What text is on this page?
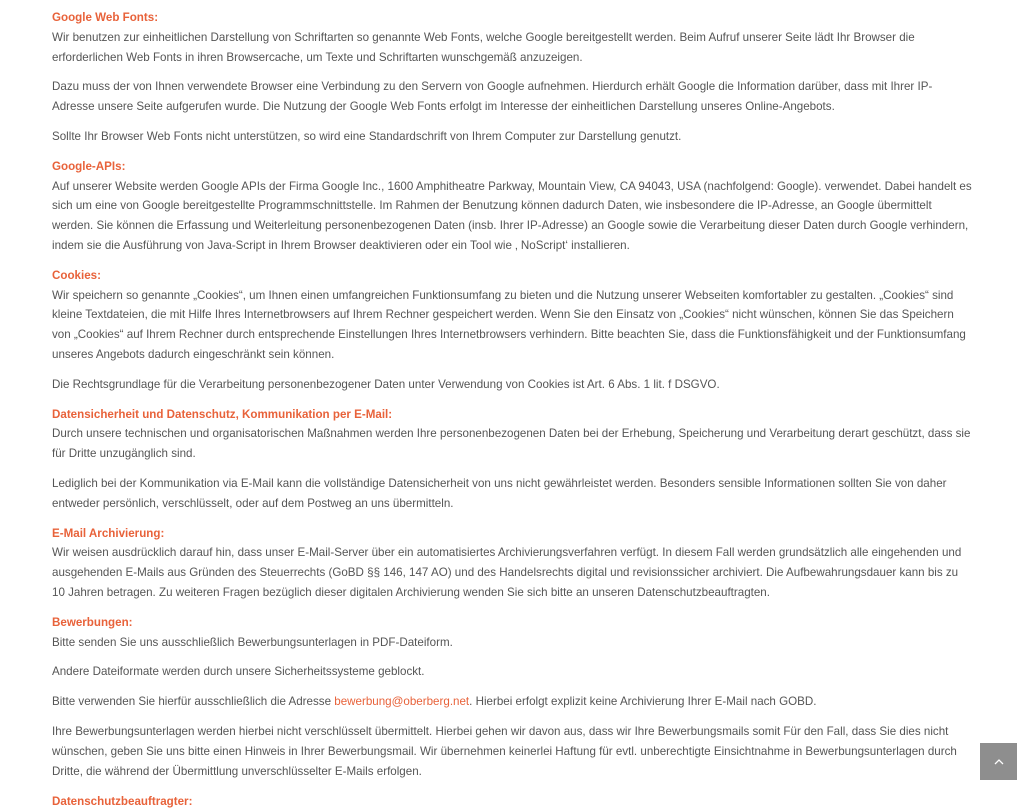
Google Web Fonts:

Wir benutzen zur einheitlichen Darstellung von Schriftarten so genannte Web Fonts, welche Google bereitgestellt werden. Beim Aufruf unserer Seite lädt Ihr Browser die erforderlichen Web Fonts in ihren Browsercache, um Texte und Schriftarten wunschgemäß anzuzeigen.

Dazu muss der von Ihnen verwendete Browser eine Verbindung zu den Servern von Google aufnehmen. Hierdurch erhält Google die Information darüber, dass mit Ihrer IP-Adresse unsere Seite aufgerufen wurde. Die Nutzung der Google Web Fonts erfolgt im Interesse der einheitlichen Darstellung unseres Online-Angebots.

Sollte Ihr Browser Web Fonts nicht unterstützen, so wird eine Standardschrift von Ihrem Computer zur Darstellung genutzt.

Google-APIs:

Auf unserer Website werden Google APIs der Firma Google Inc., 1600 Amphitheatre Parkway, Mountain View, CA 94043, USA (nachfolgend: Google). verwendet. Dabei handelt es sich um eine von Google bereitgestellte Programmschnittstelle. Im Rahmen der Benutzung können dadurch Daten, wie insbesondere die IP-Adresse, an Google übermittelt werden. Sie können die Erfassung und Weiterleitung personenbezogenen Daten (insb. Ihrer IP-Adresse) an Google sowie die Verarbeitung dieser Daten durch Google verhindern, indem sie die Ausführung von Java-Script in Ihrem Browser deaktivieren oder ein Tool wie ‚ NoScript‘ installieren.

Cookies:

Wir speichern so genannte „Cookies“, um Ihnen einen umfangreichen Funktionsumfang zu bieten und die Nutzung unserer Webseiten komfortabler zu gestalten. „Cookies“ sind kleine Textdateien, die mit Hilfe Ihres Internetbrowsers auf Ihrem Rechner gespeichert werden. Wenn Sie den Einsatz von „Cookies“ nicht wünschen, können Sie das Speichern von „Cookies“ auf Ihrem Rechner durch entsprechende Einstellungen Ihres Internetbrowsers verhindern. Bitte beachten Sie, dass die Funktionsfähigkeit und der Funktionsumfang unseres Angebots dadurch eingeschränkt sein können.

Die Rechtsgrundlage für die Verarbeitung personenbezogener Daten unter Verwendung von Cookies ist Art. 6 Abs. 1 lit. f DSGVO.

Datensicherheit und Datenschutz, Kommunikation per E-Mail:

Durch unsere technischen und organisatorischen Maßnahmen werden Ihre personenbezogenen Daten bei der Erhebung, Speicherung und Verarbeitung derart geschützt, dass sie für Dritte unzugänglich sind.

Lediglich bei der Kommunikation via E-Mail kann die vollständige Datensicherheit von uns nicht gewährleistet werden. Besonders sensible Informationen sollten Sie von daher entweder persönlich, verschlüsselt, oder auf dem Postweg an uns übermitteln.

E-Mail Archivierung:

Wir weisen ausdrücklich darauf hin, dass unser E-Mail-Server über ein automatisiertes Archivierungsverfahren verfügt. In diesem Fall werden grundsätzlich alle eingehenden und ausgehenden E-Mails aus Gründen des Steuerrechts (GoBD §§ 146, 147 AO) und des Handelsrechts digital und revisionssicher archiviert. Die Aufbewahrungsdauer kann bis zu 10 Jahren betragen. Zu weiteren Fragen bezüglich dieser digitalen Archivierung wenden Sie sich bitte an unseren Datenschutzbeauftragten.

Bewerbungen:

Bitte senden Sie uns ausschließlich Bewerbungsunterlagen in PDF-Dateiform.

Andere Dateiformate werden durch unsere Sicherheitssysteme geblockt.

Bitte verwenden Sie hierfür ausschließlich die Adresse bewerbung@oberberg.net. Hierbei erfolgt explizit keine Archivierung Ihrer E-Mail nach GOBD.

Ihre Bewerbungsunterlagen werden hierbei nicht verschlüsselt übermittelt. Hierbei gehen wir davon aus, dass wir Ihre Bewerbungsmails somit Für den Fall, dass Sie dies nicht wünschen, geben Sie uns bitte einen Hinweis in Ihrer Bewerbungsmail. Wir übernehmen keinerlei Haftung für evtl. unberechtigte Einsichtnahme in Bewerbungsunterlagen durch Dritte, die während der Übermittlung unverschlüsselter E-Mails erfolgen.

Datenschutzbeauftragter:
